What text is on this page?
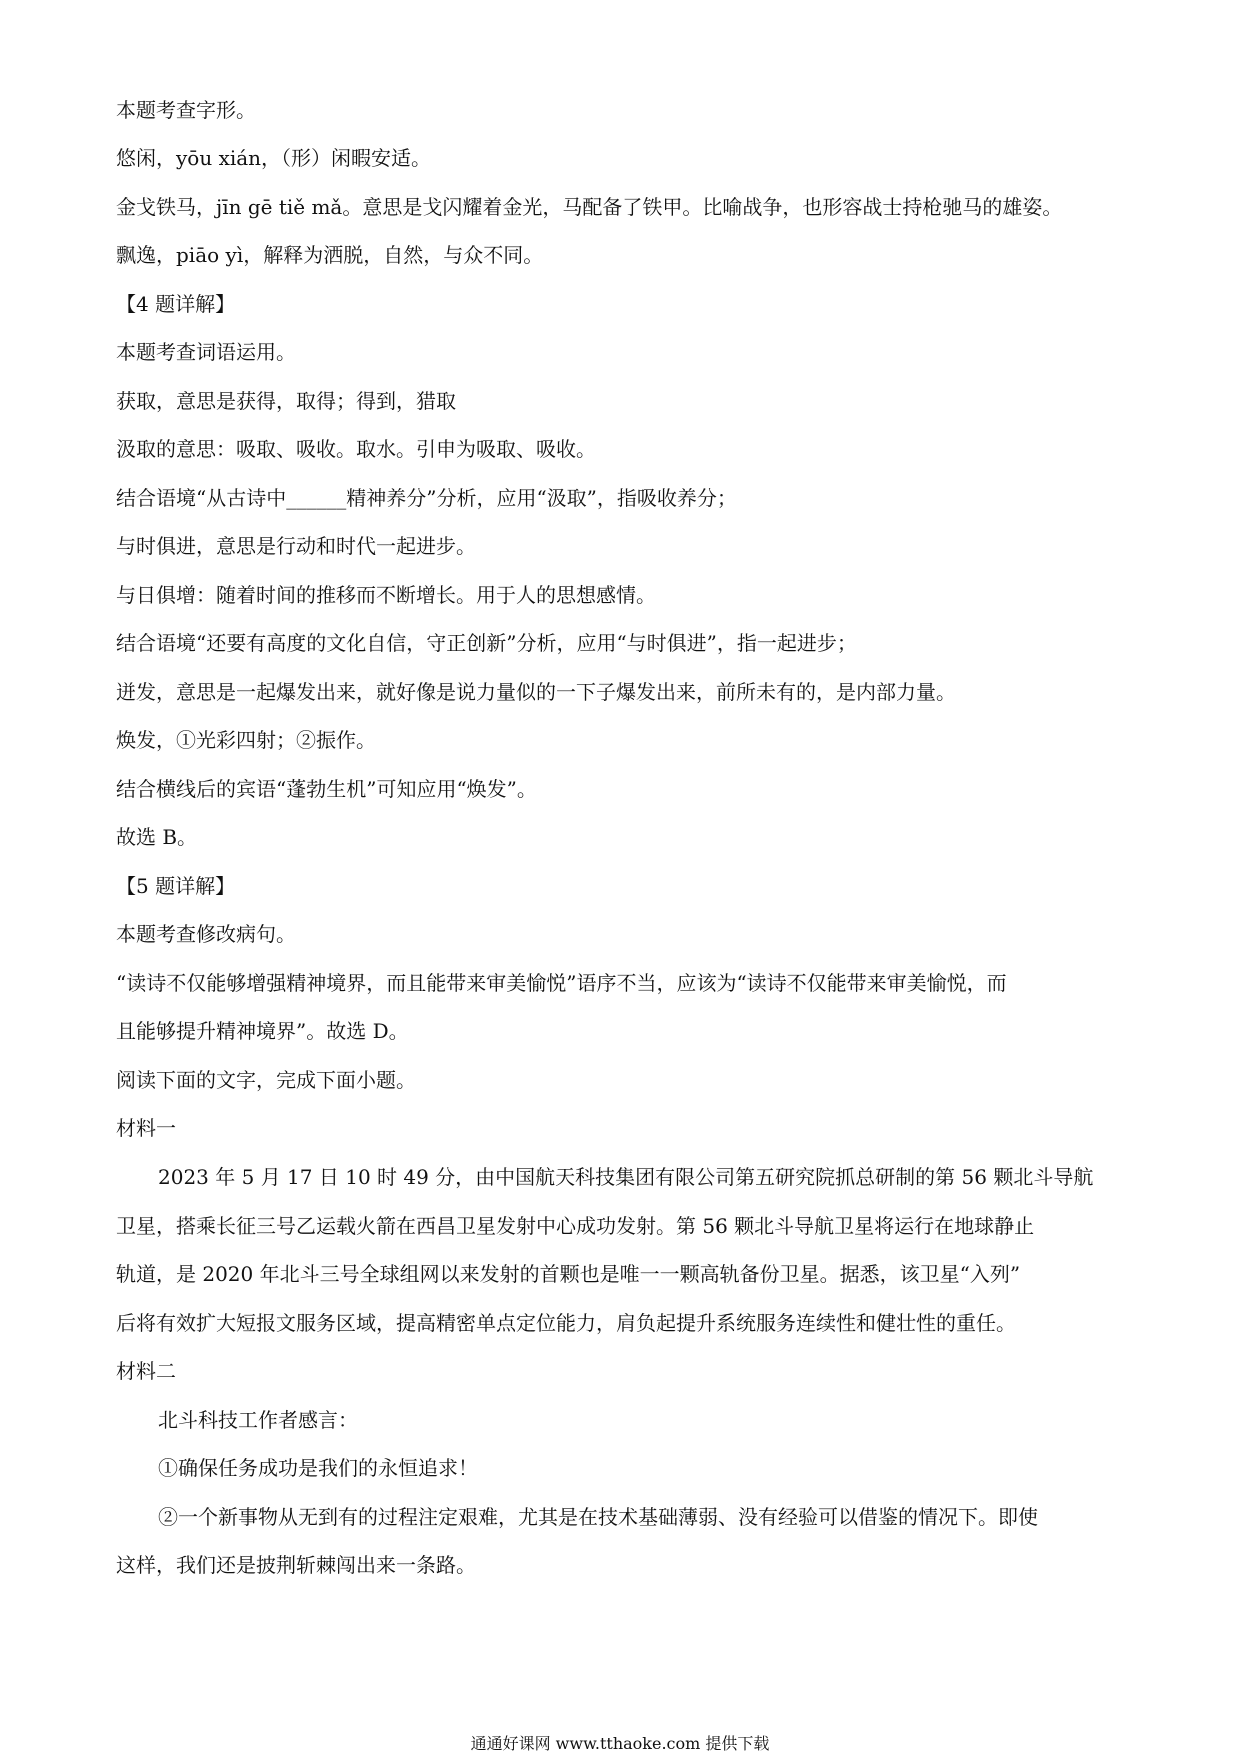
本题考查字形。
悠闲，yōu xián，（形）闲暇安适。
金戈铁马，jīn gē tiě mǎ。意思是戈闪耀着金光，马配备了铁甲。比喻战争，也形容战士持枪驰马的雄姿。
飘逸，piāo yì，解释为洒脱，自然，与众不同。
【4 题详解】
本题考查词语运用。
获取，意思是获得，取得；得到，猎取
汲取的意思：吸取、吸收。取水。引申为吸取、吸收。
结合语境“从古诗中______精神养分”分析，应用“汲取”，指吸收养分；
与时俱进，意思是行动和时代一起进步。
与日俱增：随着时间的推移而不断增长。用于人的思想感情。
结合语境“还要有高度的文化自信，守正创新”分析，应用“与时俱进”，指一起进步；
迸发，意思是一起爆发出来，就好像是说力量似的一下子爆发出来，前所未有的，是内部力量。
焕发，①光彩四射；②振作。
结合横线后的宾语“蓬勃生机”可知应用“焕发”。
故选 B。
【5 题详解】
本题考查修改病句。
“读诗不仅能够增强精神境界，而且能带来审美愉悦”语序不当，应该为“读诗不仅能带来审美愉悦，而
且能够提升精神境界”。故选 D。
阅读下面的文字，完成下面小题。
材料一
2023 年 5 月 17 日 10 时 49 分，由中国航天科技集团有限公司第五研究院抓总研制的第 56 颗北斗导航
卫星，搭乘长征三号乙运载火箭在西昌卫星发射中心成功发射。第 56 颗北斗导航卫星将运行在地球静止
轨道，是 2020 年北斗三号全球组网以来发射的首颗也是唯一一颗高轨备份卫星。据悉，该卫星“入列”
后将有效扩大短报文服务区域，提高精密单点定位能力，肩负起提升系统服务连续性和健壮性的重任。
材料二
北斗科技工作者感言：
①确保任务成功是我们的永恒追求！
②一个新事物从无到有的过程注定艰难，尤其是在技术基础薄弱、没有经验可以借鉴的情况下。即使
这样，我们还是披荆斩棘闯出来一条路。
通通好课网 www.tthaoke.com 提供下载
